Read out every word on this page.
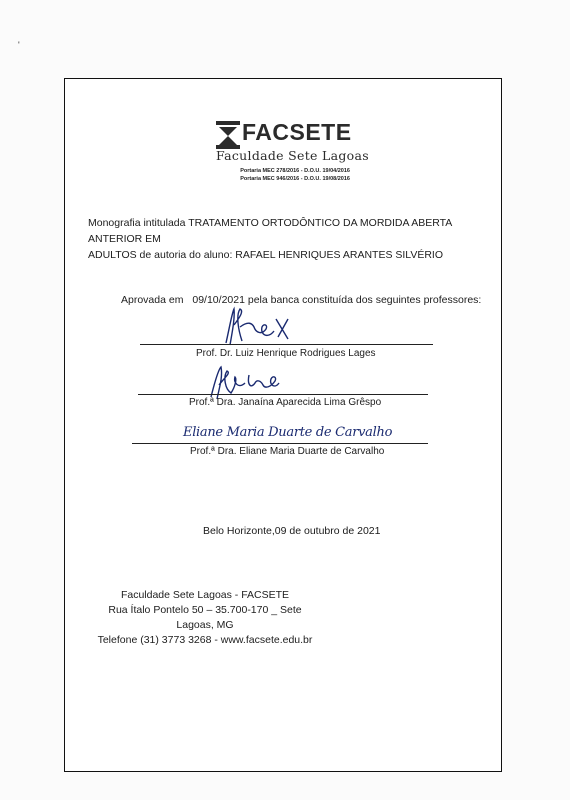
'
FACSETE
Faculdade Sete Lagoas
Portaria MEC 278/2016 - D.O.U. 19/04/2016
Portaria MEC 946/2016 - D.O.U. 19/08/2016
Monografia intitulada TRATAMENTO ORTODÔNTICO DA MORDIDA ABERTA ANTERIOR EM
ADULTOS de autoria do aluno: RAFAEL HENRIQUES ARANTES SILVÉRIO
Aprovada em 09/10/2021 pela banca constituída dos seguintes professores:
Prof. Dr. Luiz Henrique Rodrigues Lages
Prof.ª Dra. Janaína Aparecida Lima Grêspo
Eliane Maria Duarte de Carvalho
Prof.ª Dra. Eliane Maria Duarte de Carvalho
Belo Horizonte,09 de outubro de 2021
Faculdade Sete Lagoas - FACSETE
Rua Ítalo Pontelo 50 – 35.700-170 _ Sete Lagoas, MG
Telefone (31) 3773 3268 - www.facsete.edu.br
